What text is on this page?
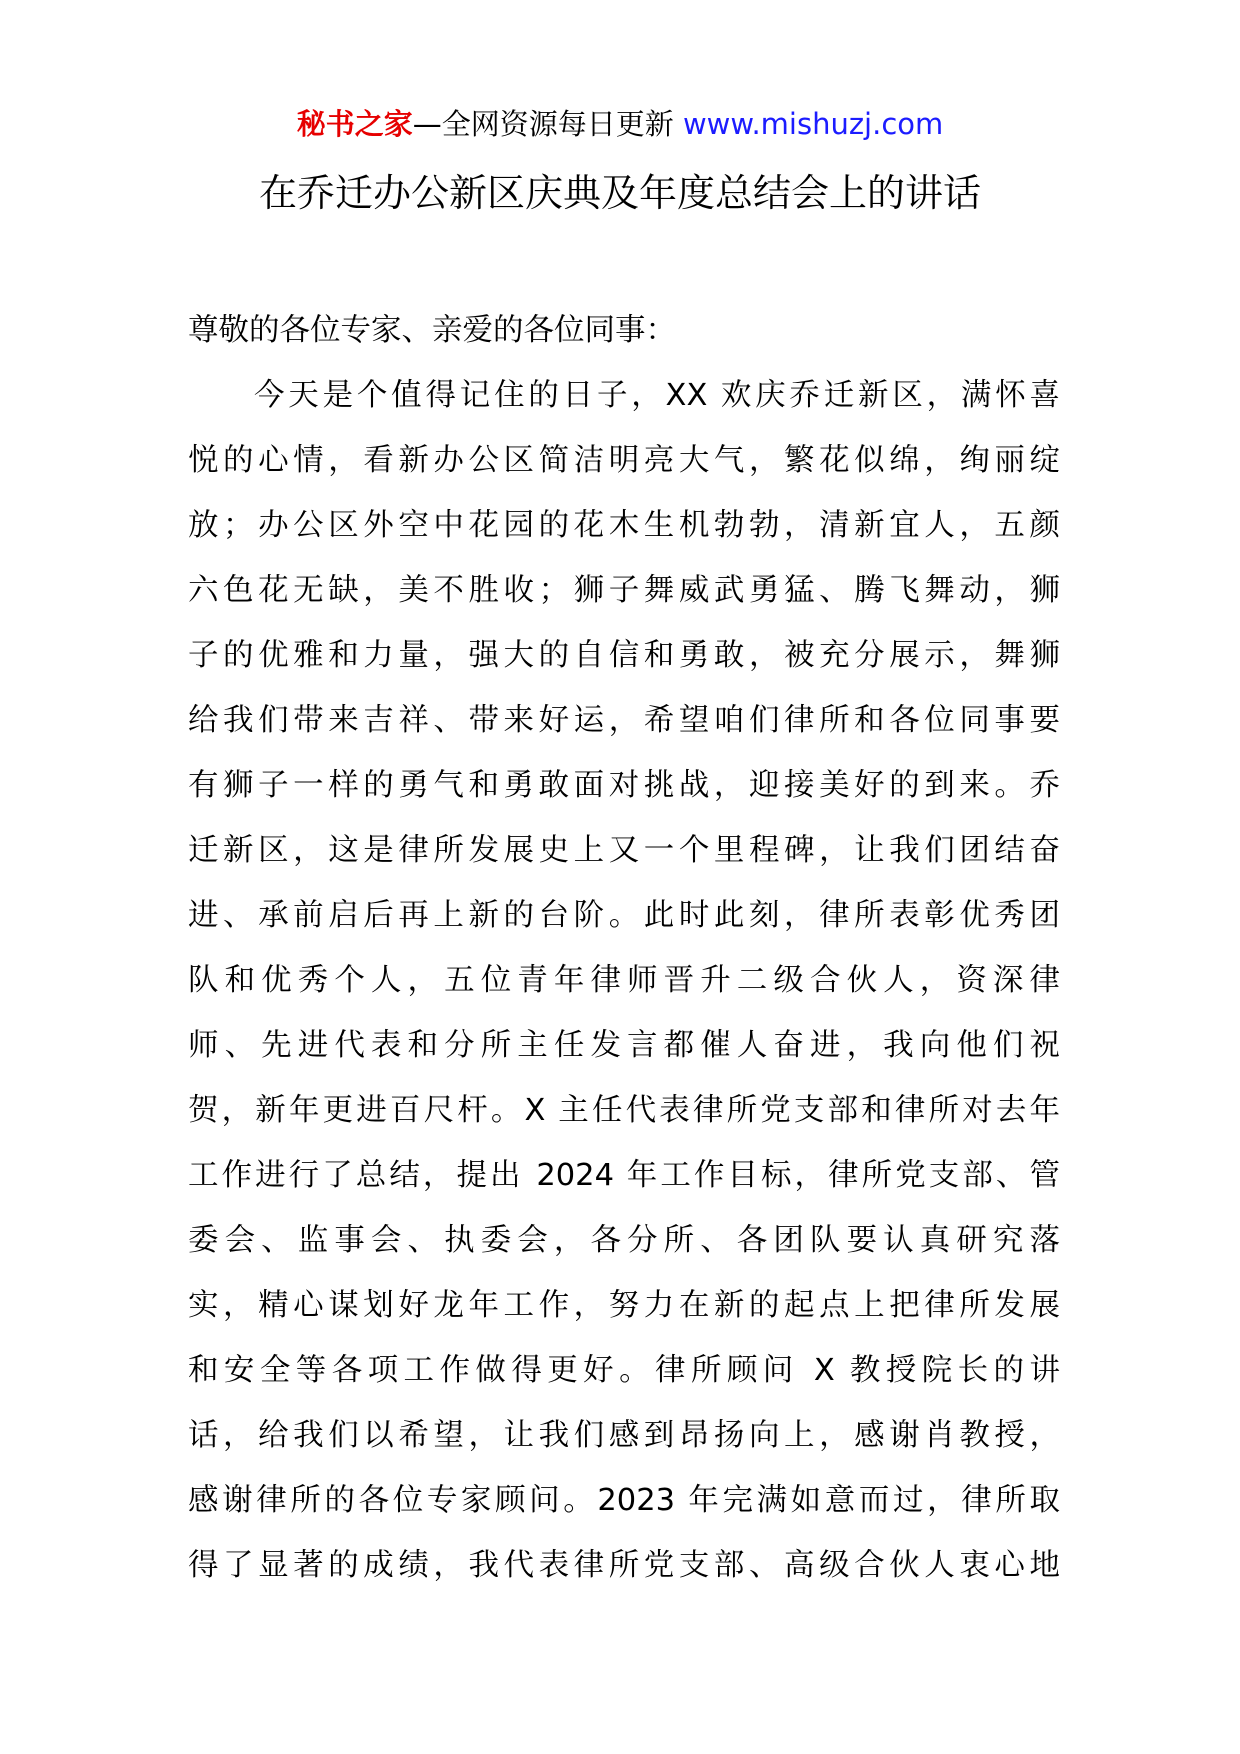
秘书之家—全网资源每日更新 www.mishuzj.com
在乔迁办公新区庆典及年度总结会上的讲话

尊敬的各位专家、亲爱的各位同事：

今天是个值得记住的日子，XX 欢庆乔迁新区，满怀喜

悦的心情，看新办公区简洁明亮大气，繁花似绵，绚丽绽

放；办公区外空中花园的花木生机勃勃，清新宜人，五颜

六色花无缺，美不胜收；狮子舞威武勇猛、腾飞舞动，狮

子的优雅和力量，强大的自信和勇敢，被充分展示，舞狮

给我们带来吉祥、带来好运，希望咱们律所和各位同事要

有狮子一样的勇气和勇敢面对挑战，迎接美好的到来。乔

迁新区，这是律所发展史上又一个里程碑，让我们团结奋

进、承前启后再上新的台阶。此时此刻，律所表彰优秀团

队和优秀个人，五位青年律师晋升二级合伙人，资深律

师、先进代表和分所主任发言都催人奋进，我向他们祝

贺，新年更进百尺杆。X 主任代表律所党支部和律所对去年

工作进行了总结，提出 2024 年工作目标，律所党支部、管

委会、监事会、执委会，各分所、各团队要认真研究落

实，精心谋划好龙年工作，努力在新的起点上把律所发展

和安全等各项工作做得更好。律所顾问 X 教授院长的讲

话，给我们以希望，让我们感到昂扬向上，感谢肖教授，

感谢律所的各位专家顾问。2023 年完满如意而过，律所取

得了显著的成绩，我代表律所党支部、高级合伙人衷心地
